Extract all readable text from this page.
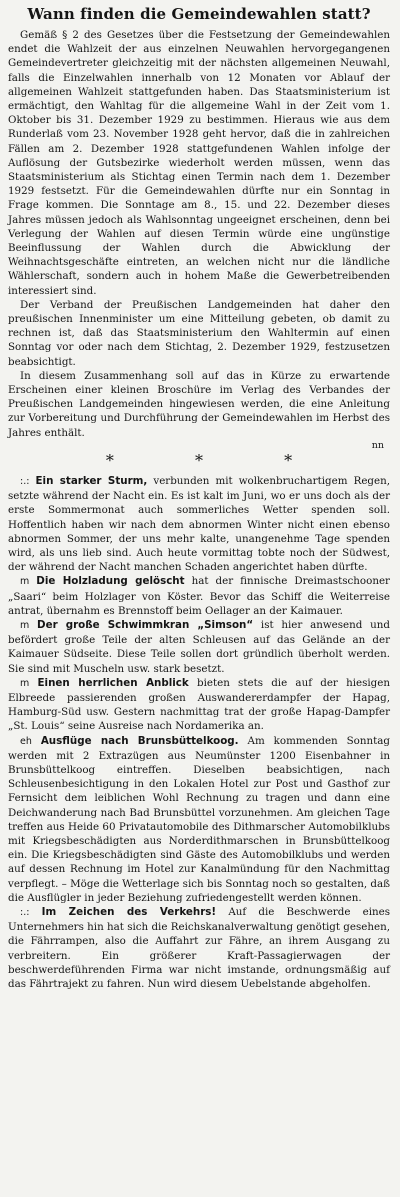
Wann finden die Gemeindewahlen statt?

Gemäß § 2 des Gesetzes über die Festsetzung der Gemeindewahlen endet die Wahlzeit der aus einzelnen Neuwahlen hervorgegangenen Gemeindevertreter gleichzeitig mit der nächsten allgemeinen Neuwahl, falls die Einzelwahlen innerhalb von 12 Monaten vor Ablauf der allgemeinen Wahlzeit stattgefunden haben. Das Staatsministerium ist ermächtigt, den Wahltag für die allgemeine Wahl in der Zeit vom 1. Oktober bis 31. Dezember 1929 zu bestimmen. Hieraus wie aus dem Runderlaß vom 23. November 1928 geht hervor, daß die in zahlreichen Fällen am 2. Dezember 1928 stattgefundenen Wahlen infolge der Auflösung der Gutsbezirke wiederholt werden müssen, wenn das Staatsministerium als Stichtag einen Termin nach dem 1. Dezember 1929 festsetzt. Für die Gemeindewahlen dürfte nur ein Sonntag in Frage kommen. Die Sonntage am 8., 15. und 22. Dezember dieses Jahres müssen jedoch als Wahlsonntag ungeeignet erscheinen, denn bei Verlegung der Wahlen auf diesen Termin würde eine ungünstige Beeinflussung der Wahlen durch die Abwicklung der Weihnachtsgeschäfte eintreten, an welchen nicht nur die ländliche Wählerschaft, sondern auch in hohem Maße die Gewerbetreibenden interessiert sind.

Der Verband der Preußischen Landgemeinden hat daher den preußischen Innenminister um eine Mitteilung gebeten, ob damit zu rechnen ist, daß das Staatsministerium den Wahltermin auf einen Sonntag vor oder nach dem Stichtag, 2. Dezember 1929, festzusetzen beabsichtigt.

In diesem Zusammenhang soll auf das in Kürze zu erwartende Erscheinen einer kleinen Broschüre im Verlag des Verbandes der Preußischen Landgemeinden hingewiesen werden, die eine Anleitung zur Vorbereitung und Durchführung der Gemeindewahlen im Herbst des Jahres enthält.

nn
* * *

:.: Ein starker Sturm, verbunden mit wolkenbruchartigem Regen, setzte während der Nacht ein. Es ist kalt im Juni, wo er uns doch als der erste Sommermonat auch sommerliches Wetter spenden soll. Hoffentlich haben wir nach dem abnormen Winter nicht einen ebenso abnormen Sommer, der uns mehr kalte, unangenehme Tage spenden wird, als uns lieb sind. Auch heute vormittag tobte noch der Südwest, der während der Nacht manchen Schaden angerichtet haben dürfte.

m Die Holzladung gelöscht hat der finnische Dreimastschooner „Saari“ beim Holzlager von Köster. Bevor das Schiff die Weiterreise antrat, übernahm es Brennstoff beim Oellager an der Kaimauer.

m Der große Schwimmkran „Simson“ ist hier anwesend und befördert große Teile der alten Schleusen auf das Gelände an der Kaimauer Südseite. Diese Teile sollen dort gründlich überholt werden. Sie sind mit Muscheln usw. stark besetzt.

m Einen herrlichen Anblick bieten stets die auf der hiesigen Elbreede passierenden großen Auswandererdampfer der Hapag, Hamburg-Süd usw. Gestern nachmittag trat der große Hapag-Dampfer „St. Louis“ seine Ausreise nach Nordamerika an.

eh Ausflüge nach Brunsbüttelkoog. Am kommenden Sonntag werden mit 2 Extrazügen aus Neumünster 1200 Eisenbahner in Brunsbüttelkoog eintreffen. Dieselben beabsichtigen, nach Schleusenbesichtigung in den Lokalen Hotel zur Post und Gasthof zur Fernsicht dem leiblichen Wohl Rechnung zu tragen und dann eine Deichwanderung nach Bad Brunsbüttel vorzunehmen. Am gleichen Tage treffen aus Heide 60 Privatautomobile des Dithmarscher Automobilklubs mit Kriegsbeschädigten aus Norderdithmarschen in Brunsbüttelkoog ein. Die Kriegsbeschädigten sind Gäste des Automobilklubs und werden auf dessen Rechnung im Hotel zur Kanalmündung für den Nachmittag verpflegt. – Möge die Wetterlage sich bis Sonntag noch so gestalten, daß die Ausflügler in jeder Beziehung zufriedengestellt werden können.

:.: Im Zeichen des Verkehrs! Auf die Beschwerde eines Unternehmers hin hat sich die Reichskanalverwaltung genötigt gesehen, die Fährrampen, also die Auffahrt zur Fähre, an ihrem Ausgang zu verbreitern. Ein größerer Kraft-Passagierwagen der beschwerdeführenden Firma war nicht imstande, ordnungsmäßig auf das Fährtrajekt zu fahren. Nun wird diesem Uebelstande abgeholfen.
